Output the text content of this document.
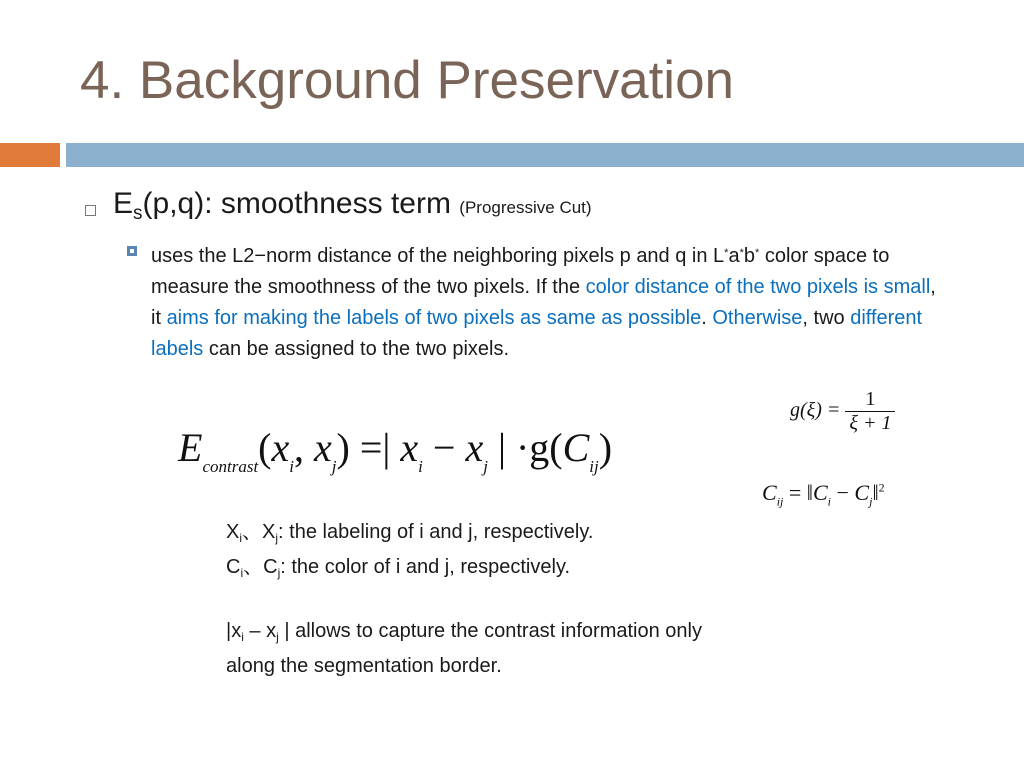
4. Background Preservation
$E_s(p,q)$: smoothness term (Progressive Cut)
uses the L2−norm distance of the neighboring pixels p and q in L*a*b* color space to measure the smoothness of the two pixels. If the color distance of the two pixels is small, it aims for making the labels of two pixels as same as possible. Otherwise, two different labels can be assigned to the two pixels.
$E_{contrast}(x_i$, $x_j$) =| $x_i - x_j$ | $\cdot g(C_{ij})$
$g(\xi) = \frac{1}{\xi + 1}$
$C_{ij}$ = $‖C_i$ − $C_j‖^2$
$X_i$、$X_j$: the labeling of i and j, respectively.
$C_i$、$C_j$: the color of i and j, respectively.
$|x_i - x_j$ | allows to capture the contrast information only
along the segmentation border.
